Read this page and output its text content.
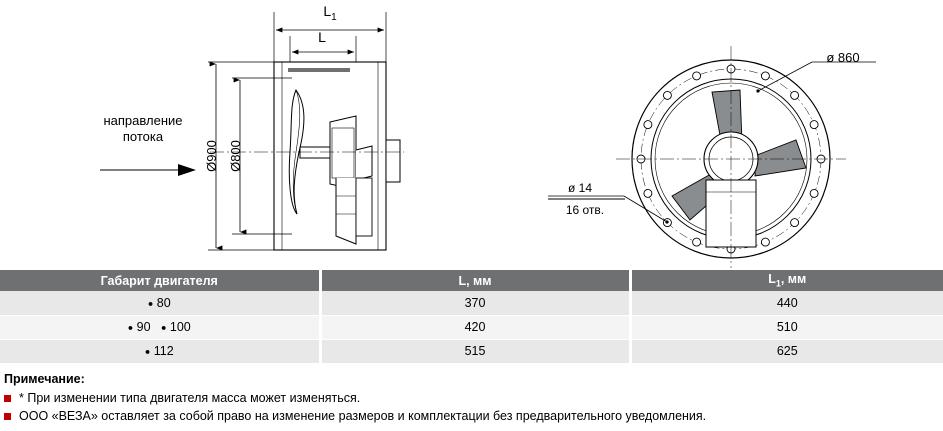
$L_1$
L
Ø900 Ø800
ø 860
ø 14
16 отв.
направление
потока
Габарит двигателя	L, мм	$L_1$, мм
● 80	370	440
● 90 ● 100	420	510
● 112	515	625
Примечание:
* При изменении типа двигателя масса может изменяться.
ООО «ВЕЗА» оставляет за собой право на изменение размеров и комплектации без предварительного уведомления.
